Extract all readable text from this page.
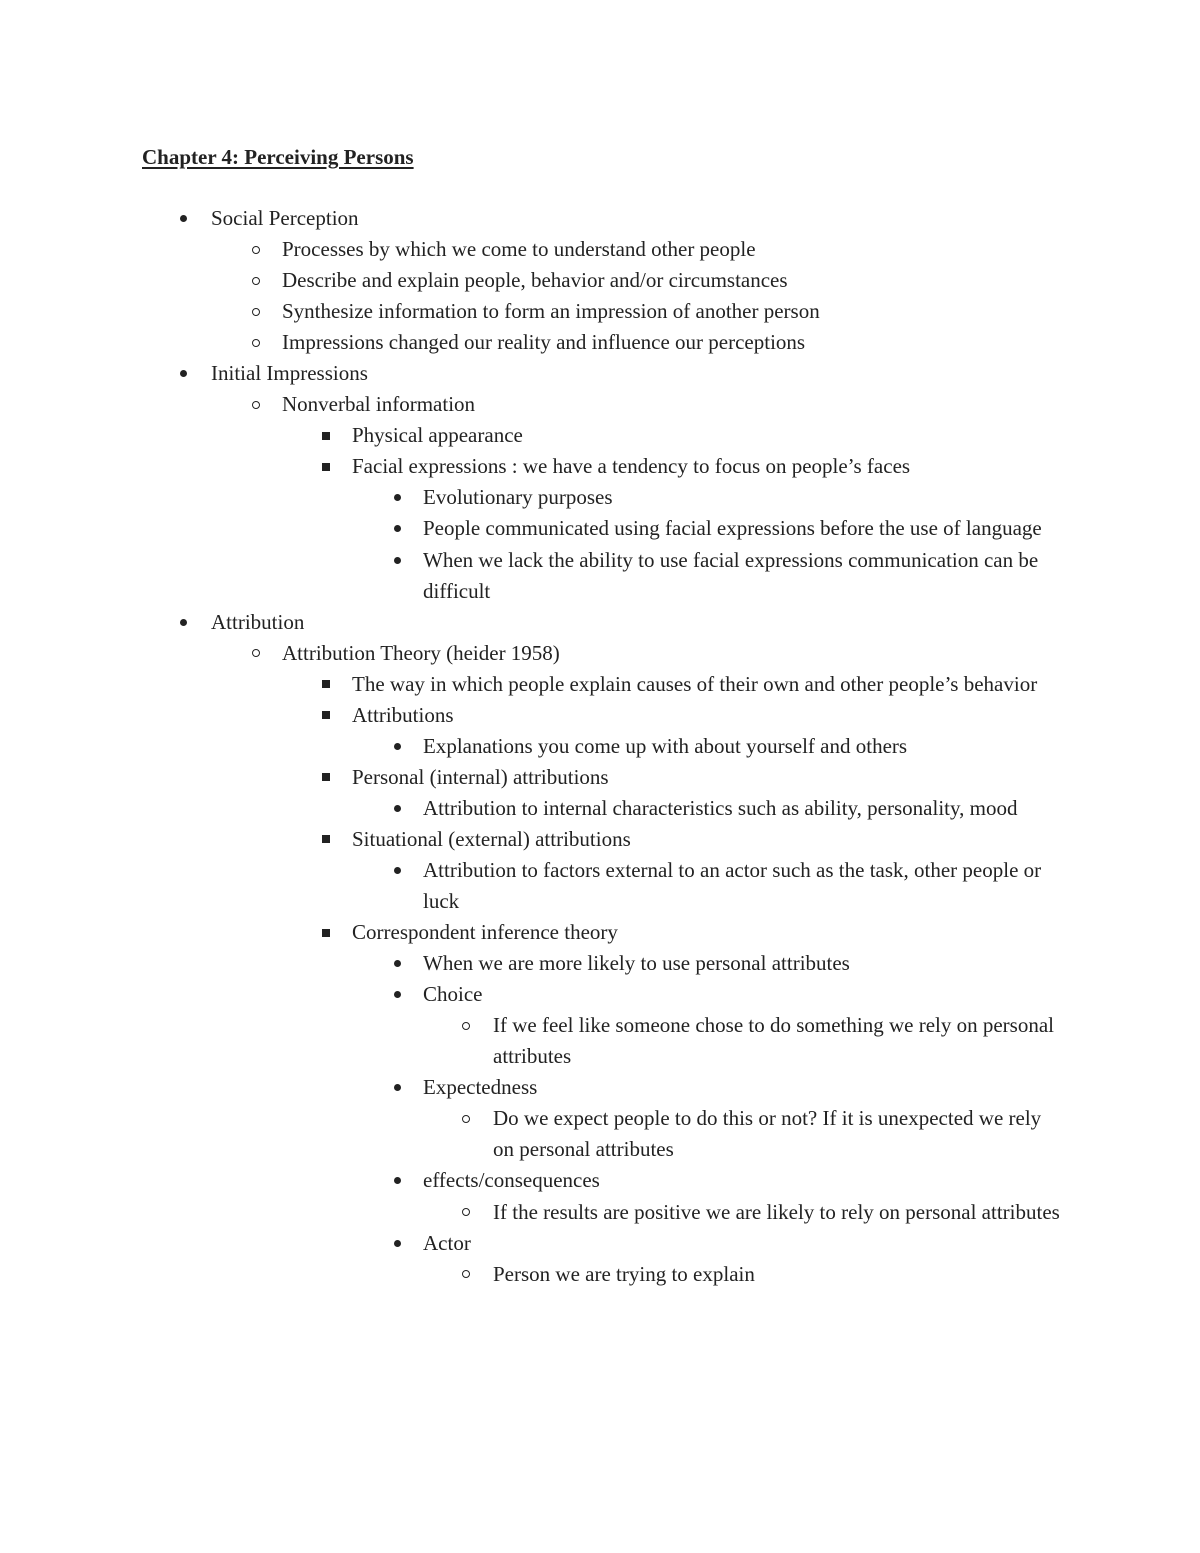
Chapter 4: Perceiving Persons
Social Perception
Processes by which we come to understand other people
Describe and explain people, behavior and/or circumstances
Synthesize information to form an impression of another person
Impressions changed our reality and influence our perceptions
Initial Impressions
Nonverbal information
Physical appearance
Facial expressions : we have a tendency to focus on people’s faces
Evolutionary purposes
People communicated using facial expressions before the use of language
When we lack the ability to use facial expressions communication can be difficult
Attribution
Attribution Theory (heider 1958)
The way in which people explain causes of their own and other people’s behavior
Attributions
Explanations you come up with about yourself and others
Personal (internal) attributions
Attribution to internal characteristics such as ability, personality, mood
Situational (external) attributions
Attribution to factors external to an actor such as the task, other people or luck
Correspondent inference theory
When we are more likely to use personal attributes
Choice
If we feel like someone chose to do something we rely on personal attributes
Expectedness
Do we expect people to do this or not? If it is unexpected we rely on personal attributes
effects/consequences
If the results are positive we are likely to rely on personal attributes
Actor
Person we are trying to explain
